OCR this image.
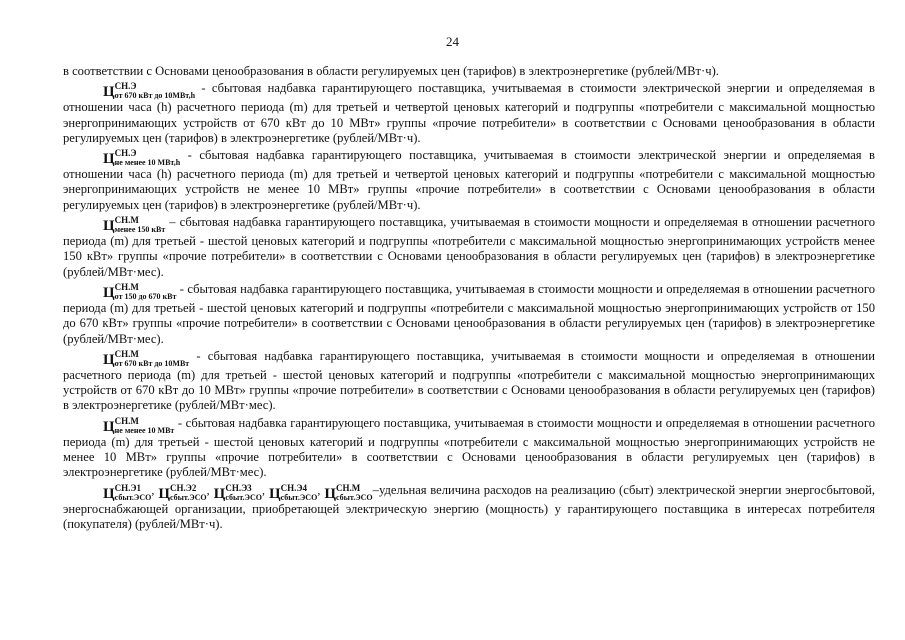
24

в соответствии с Основами ценообразования в области регулируемых цен (тарифов) в электроэнергетике (рублей/МВт·ч).

Ц СН.Э
от 670 кВт до 10МВт,h
- сбытовая надбавка гарантирующего поставщика, учитываемая в стоимости электрической энергии и определяемая в отношении часа (h) расчетного периода (m) для третьей и четвертой ценовых категорий и подгруппы «потребители с максимальной мощностью энергопринимающих устройств от 670 кВт до 10 МВт» группы «прочие потребители» в соответствии с Основами ценообразования в области регулируемых цен (тарифов) в электроэнергетике (рублей/МВт·ч).

Ц СН.Э
не менее 10 МВт,h
- сбытовая надбавка гарантирующего поставщика, учитываемая в стоимости электрической энергии и определяемая в отношении часа (h) расчетного периода (m) для третьей и четвертой ценовых категорий и подгруппы «потребители с максимальной мощностью энергопринимающих устройств не менее 10 МВт» группы «прочие потребители» в соответствии с Основами ценообразования в области регулируемых цен (тарифов) в электроэнергетике (рублей/МВт·ч).

Ц СН.М
менее 150 кВт
– сбытовая надбавка гарантирующего поставщика, учитываемая в стоимости мощности и определяемая в отношении расчетного периода (m) для третьей - шестой ценовых категорий и подгруппы «потребители с максимальной мощностью энергопринимающих устройств менее 150 кВт» группы «прочие потребители» в соответствии с Основами ценообразования в области регулируемых цен (тарифов) в электроэнергетике (рублей/МВт·мес).

Ц СН.М
от 150 до 670 кВт
- сбытовая надбавка гарантирующего поставщика, учитываемая в стоимости мощности и определяемая в отношении расчетного периода (m) для третьей - шестой ценовых категорий и подгруппы «потребители с максимальной мощностью энергопринимающих устройств от 150 до 670 кВт» группы «прочие потребители» в соответствии с Основами ценообразования в области регулируемых цен (тарифов) в электроэнергетике (рублей/МВт·мес).

Ц СН.М
от 670 кВт до 10МВт
- сбытовая надбавка гарантирующего поставщика, учитываемая в стоимости мощности и определяемая в отношении расчетного периода (m) для третьей - шестой ценовых категорий и подгруппы «потребители с максимальной мощностью энергопринимающих устройств от 670 кВт до 10 МВт» группы «прочие потребители» в соответствии с Основами ценообразования в области регулируемых цен (тарифов) в электроэнергетике (рублей/МВт·мес).

Ц СН.М
не менее 10 МВт
- сбытовая надбавка гарантирующего поставщика, учитываемая в стоимости мощности и определяемая в отношении расчетного периода (m) для третьей - шестой ценовых категорий и подгруппы «потребители с максимальной мощностью энергопринимающих устройств не менее 10 МВт» группы «прочие потребители» в соответствии с Основами ценообразования в области регулируемых цен (тарифов) в электроэнергетике (рублей/МВт·мес).

Ц СН.Э1
сбыт.ЭСО
, Ц СН.Э2
сбыт.ЭСО
, Ц СН.Э3
сбыт.ЭСО
, Ц СН.Э4
сбыт.ЭСО
, Ц СН.М
сбыт.ЭСО
–удельная величина расходов на реализацию (сбыт) электрической энергии энергосбытовой, энергоснабжающей организации, приобретающей электрическую энергию (мощность) у гарантирующего поставщика в интересах потребителя (покупателя) (рублей/МВт·ч).
